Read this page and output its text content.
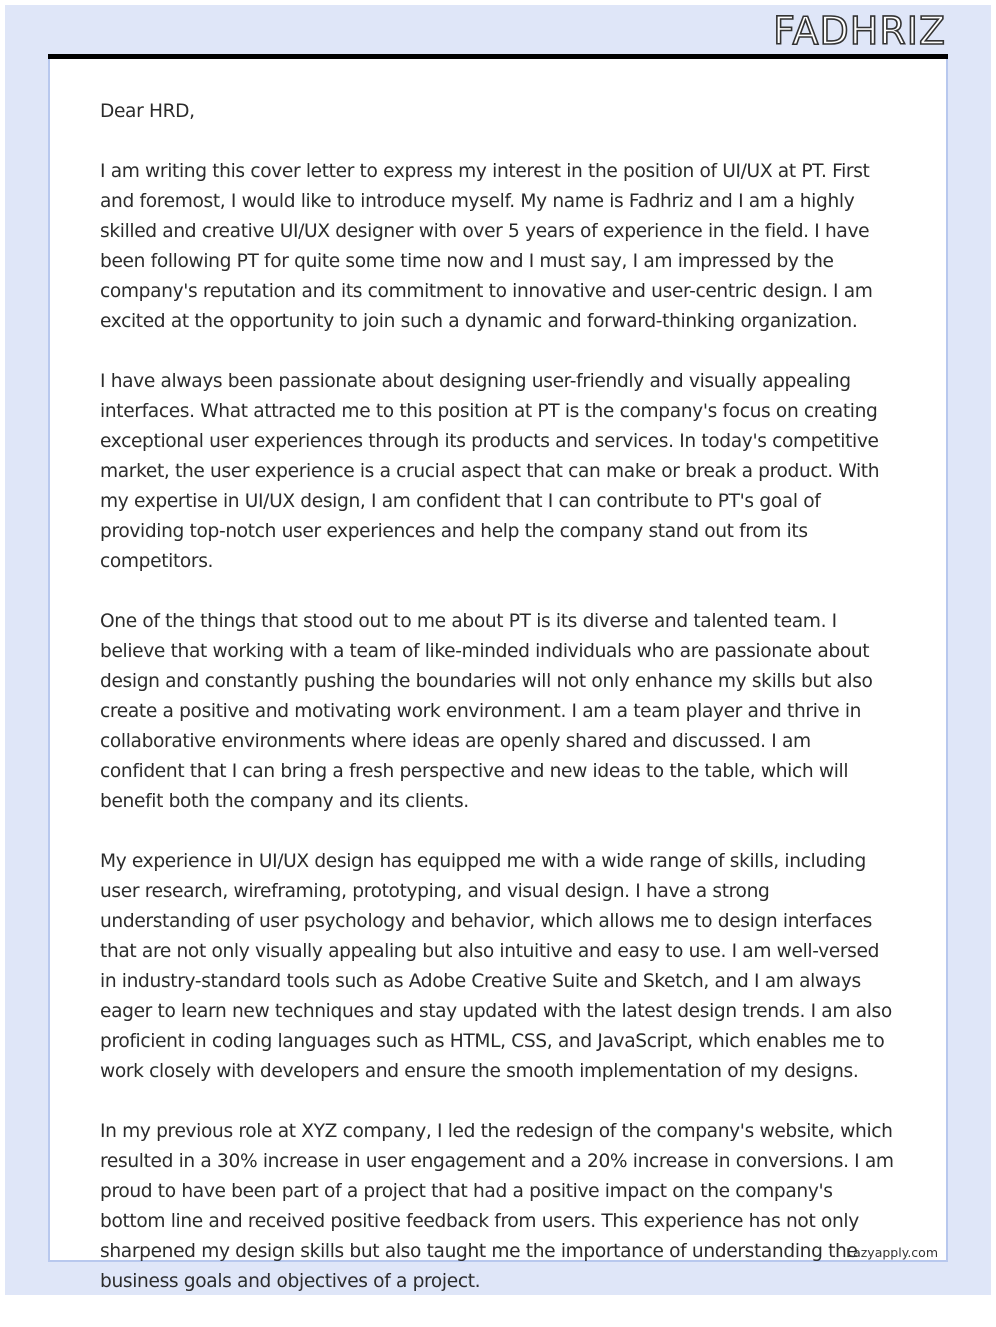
FADHRIZ

Dear HRD,

I am writing this cover letter to express my interest in the position of UI/UX at PT. First and foremost, I would like to introduce myself. My name is Fadhriz and I am a highly skilled and creative UI/UX designer with over 5 years of experience in the field. I have been following PT for quite some time now and I must say, I am impressed by the company's reputation and its commitment to innovative and user-centric design. I am excited at the opportunity to join such a dynamic and forward-thinking organization.

I have always been passionate about designing user-friendly and visually appealing interfaces. What attracted me to this position at PT is the company's focus on creating exceptional user experiences through its products and services. In today's competitive market, the user experience is a crucial aspect that can make or break a product. With my expertise in UI/UX design, I am confident that I can contribute to PT's goal of providing top-notch user experiences and help the company stand out from its competitors.

One of the things that stood out to me about PT is its diverse and talented team. I believe that working with a team of like-minded individuals who are passionate about design and constantly pushing the boundaries will not only enhance my skills but also create a positive and motivating work environment. I am a team player and thrive in collaborative environments where ideas are openly shared and discussed. I am confident that I can bring a fresh perspective and new ideas to the table, which will benefit both the company and its clients.

My experience in UI/UX design has equipped me with a wide range of skills, including user research, wireframing, prototyping, and visual design. I have a strong understanding of user psychology and behavior, which allows me to design interfaces that are not only visually appealing but also intuitive and easy to use. I am well-versed in industry-standard tools such as Adobe Creative Suite and Sketch, and I am always eager to learn new techniques and stay updated with the latest design trends. I am also proficient in coding languages such as HTML, CSS, and JavaScript, which enables me to work closely with developers and ensure the smooth implementation of my designs.

In my previous role at XYZ company, I led the redesign of the company's website, which resulted in a 30% increase in user engagement and a 20% increase in conversions. I am proud to have been part of a project that had a positive impact on the company's bottom line and received positive feedback from users. This experience has not only sharpened my design skills but also taught me the importance of understanding the business goals and objectives of a project.

Lazyapply.com
